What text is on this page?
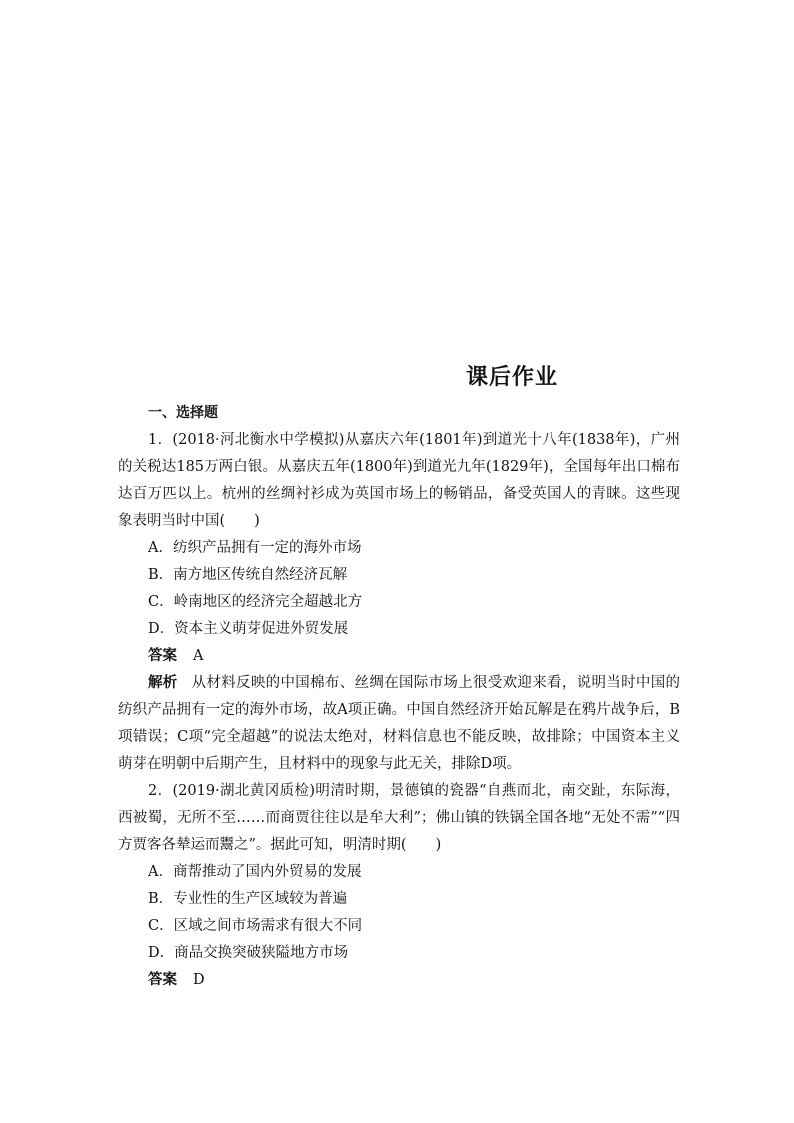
课后作业

一、选择题

1．(2018·河北衡水中学模拟)从嘉庆六年(1801年)到道光十八年(1838年)，广州的关税达185万两白银。从嘉庆五年(1800年)到道光九年(1829年)，全国每年出口棉布达百万匹以上。杭州的丝绸衬衫成为英国市场上的畅销品，备受英国人的青睐。这些现象表明当时中国(　　)

A．纺织产品拥有一定的海外市场

B．南方地区传统自然经济瓦解

C．岭南地区的经济完全超越北方

D．资本主义萌芽促进外贸发展

答案 A

解析 从材料反映的中国棉布、丝绸在国际市场上很受欢迎来看，说明当时中国的纺织产品拥有一定的海外市场，故A项正确。中国自然经济开始瓦解是在鸦片战争后，B项错误；C项“完全超越”的说法太绝对，材料信息也不能反映，故排除；中国资本主义萌芽在明朝中后期产生，且材料中的现象与此无关，排除D项。

2．(2019·湖北黄冈质检)明清时期，景德镇的瓷器“自燕而北，南交趾，东际海，西被蜀，无所不至……而商贾往往以是牟大利”；佛山镇的铁锅全国各地“无处不需”“四方贾客各辇运而鬻之”。据此可知，明清时期(　　)

A．商帮推动了国内外贸易的发展

B．专业性的生产区域较为普遍

C．区域之间市场需求有很大不同

D．商品交换突破狭隘地方市场

答案 D
